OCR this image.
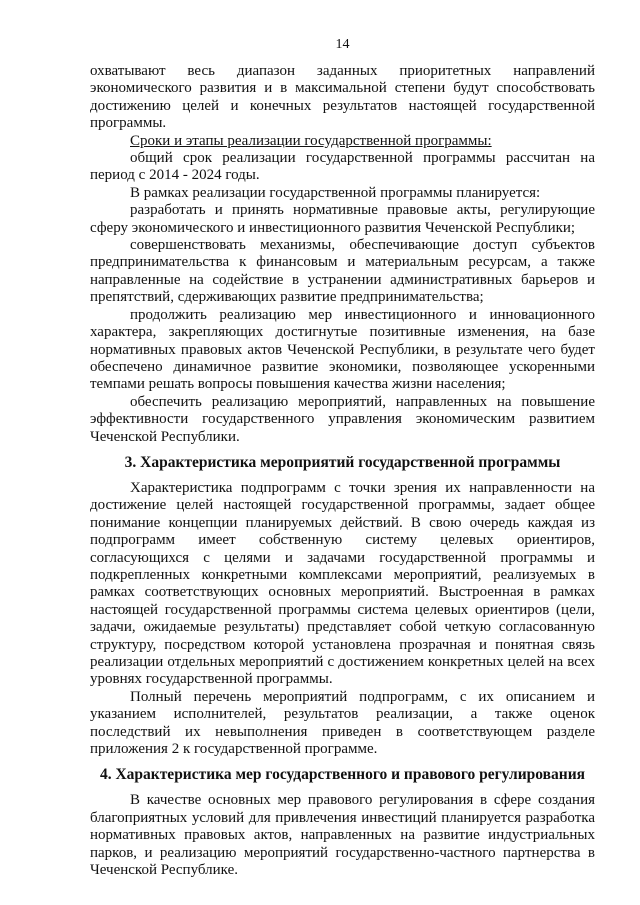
14

охватывают весь диапазон заданных приоритетных направлений экономического развития и в максимальной степени будут способствовать достижению целей и конечных результатов настоящей государственной программы.

Сроки и этапы реализации государственной программы:

общий срок реализации государственной программы рассчитан на период с 2014 - 2024 годы.

В рамках реализации государственной программы планируется:

разработать и принять нормативные правовые акты, регулирующие сферу экономического и инвестиционного развития Чеченской Республики;

совершенствовать механизмы, обеспечивающие доступ субъектов предпринимательства к финансовым и материальным ресурсам, а также направленные на содействие в устранении административных барьеров и препятствий, сдерживающих развитие предпринимательства;

продолжить реализацию мер инвестиционного и инновационного характера, закрепляющих достигнутые позитивные изменения, на базе нормативных правовых актов Чеченской Республики, в результате чего будет обеспечено динамичное развитие экономики, позволяющее ускоренными темпами решать вопросы повышения качества жизни населения;

обеспечить реализацию мероприятий, направленных на повышение эффективности государственного управления экономическим развитием Чеченской Республики.

3. Характеристика мероприятий государственной программы

Характеристика подпрограмм с точки зрения их направленности на достижение целей настоящей государственной программы, задает общее понимание концепции планируемых действий. В свою очередь каждая из подпрограмм имеет собственную систему целевых ориентиров, согласующихся с целями и задачами государственной программы и подкрепленных конкретными комплексами мероприятий, реализуемых в рамках соответствующих основных мероприятий. Выстроенная в рамках настоящей государственной программы система целевых ориентиров (цели, задачи, ожидаемые результаты) представляет собой четкую согласованную структуру, посредством которой установлена прозрачная и понятная связь реализации отдельных мероприятий с достижением конкретных целей на всех уровнях государственной программы.

Полный перечень мероприятий подпрограмм, с их описанием и указанием исполнителей, результатов реализации, а также оценок последствий их невыполнения приведен в соответствующем разделе приложения 2 к государственной программе.

4. Характеристика мер государственного и правового регулирования

В качестве основных мер правового регулирования в сфере создания благоприятных условий для привлечения инвестиций планируется разработка нормативных правовых актов, направленных на развитие индустриальных парков, и реализацию мероприятий государственно-частного партнерства в Чеченской Республике.
